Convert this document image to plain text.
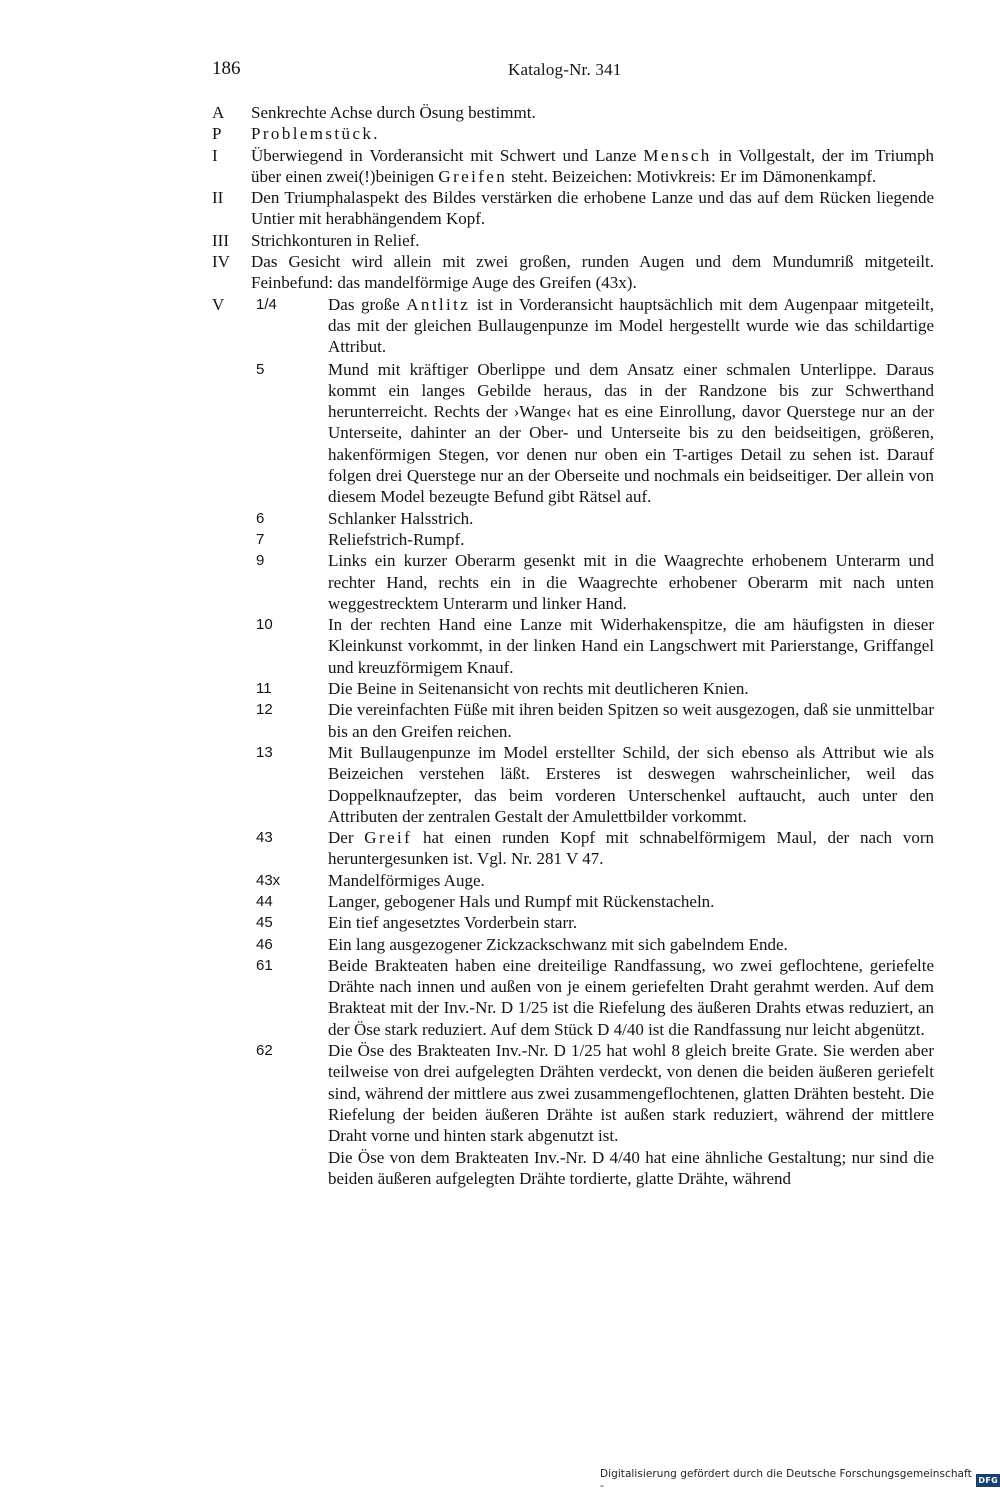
186	Katalog-Nr. 341
A Senkrechte Achse durch Ösung bestimmt.
P Problemstück.
I Überwiegend in Vorderansicht mit Schwert und Lanze Mensch in Vollgestalt, der im Triumph über einen zwei(!)beinigen Greifen steht. Beizeichen: Motivkreis: Er im Dämonenkampf.
II Den Triumphalaspekt des Bildes verstärken die erhobene Lanze und das auf dem Rücken liegende Untier mit herabhängendem Kopf.
III Strichkonturen in Relief.
IV Das Gesicht wird allein mit zwei großen, runden Augen und dem Mundumriß mitgeteilt. Feinbefund: das mandelförmige Auge des Greifen (43x).
V 1/4	Das große Antlitz ist in Vorderansicht hauptsächlich mit dem Augenpaar mitgeteilt, das mit der gleichen Bullaugenpunze im Model hergestellt wurde wie das schildartige Attribut.
5	Mund mit kräftiger Oberlippe und dem Ansatz einer schmalen Unterlippe. Daraus kommt ein langes Gebilde heraus, das in der Randzone bis zur Schwerthand herunterreicht. Rechts der ›Wange‹ hat es eine Einrollung, davor Querstege nur an der Unterseite, dahinter an der Ober- und Unterseite bis zu den beidseitigen, größeren, hakenförmigen Stegen, vor denen nur oben ein T-artiges Detail zu sehen ist. Darauf folgen drei Querstege nur an der Oberseite und nochmals ein beidseitiger. Der allein von diesem Model bezeugte Befund gibt Rätsel auf.
6	Schlanker Halsstrich.
7	Reliefstrich-Rumpf.
9	Links ein kurzer Oberarm gesenkt mit in die Waagrechte erhobenem Unterarm und rechter Hand, rechts ein in die Waagrechte erhobener Oberarm mit nach unten weggestrecktem Unterarm und linker Hand.
10	In der rechten Hand eine Lanze mit Widerhakenspitze, die am häufigsten in dieser Kleinkunst vorkommt, in der linken Hand ein Langschwert mit Parierstange, Griffangel und kreuzförmigem Knauf.
11	Die Beine in Seitenansicht von rechts mit deutlicheren Knien.
12	Die vereinfachten Füße mit ihren beiden Spitzen so weit ausgezogen, daß sie unmittelbar bis an den Greifen reichen.
13	Mit Bullaugenpunze im Model erstellter Schild, der sich ebenso als Attribut wie als Beizeichen verstehen läßt. Ersteres ist deswegen wahrscheinlicher, weil das Doppelknaufzepter, das beim vorderen Unterschenkel auftaucht, auch unter den Attributen der zentralen Gestalt der Amulettbilder vorkommt.
43	Der Greif hat einen runden Kopf mit schnabelförmigem Maul, der nach vorn heruntergesunken ist. Vgl. Nr. 281 V 47.
43x	Mandelförmiges Auge.
44	Langer, gebogener Hals und Rumpf mit Rückenstacheln.
45	Ein tief angesetztes Vorderbein starr.
46	Ein lang ausgezogener Zickzackschwanz mit sich gabelndem Ende.
61	Beide Brakteaten haben eine dreiteilige Randfassung, wo zwei geflochtene, geriefelte Drähte nach innen und außen von je einem geriefelten Draht gerahmt werden. Auf dem Brakteat mit der Inv.-Nr. D 1/25 ist die Riefelung des äußeren Drahts etwas reduziert, an der Öse stark reduziert. Auf dem Stück D 4/40 ist die Randfassung nur leicht abgenützt.
62	Die Öse des Brakteaten Inv.-Nr. D 1/25 hat wohl 8 gleich breite Grate. Sie werden aber teilweise von drei aufgelegten Drähten verdeckt, von denen die beiden äußeren geriefelt sind, während der mittlere aus zwei zusammengeflochtenen, glatten Drähten besteht. Die Riefelung der beiden äußeren Drähte ist außen stark reduziert, während der mittlere Draht vorne und hinten stark abgenutzt ist.
Die Öse von dem Brakteaten Inv.-Nr. D 4/40 hat eine ähnliche Gestaltung; nur sind die beiden äußeren aufgelegten Drähte tordierte, glatte Drähte, während
Digitalisierung gefördert durch die Deutsche Forschungsgemeinschaft -	DFG
